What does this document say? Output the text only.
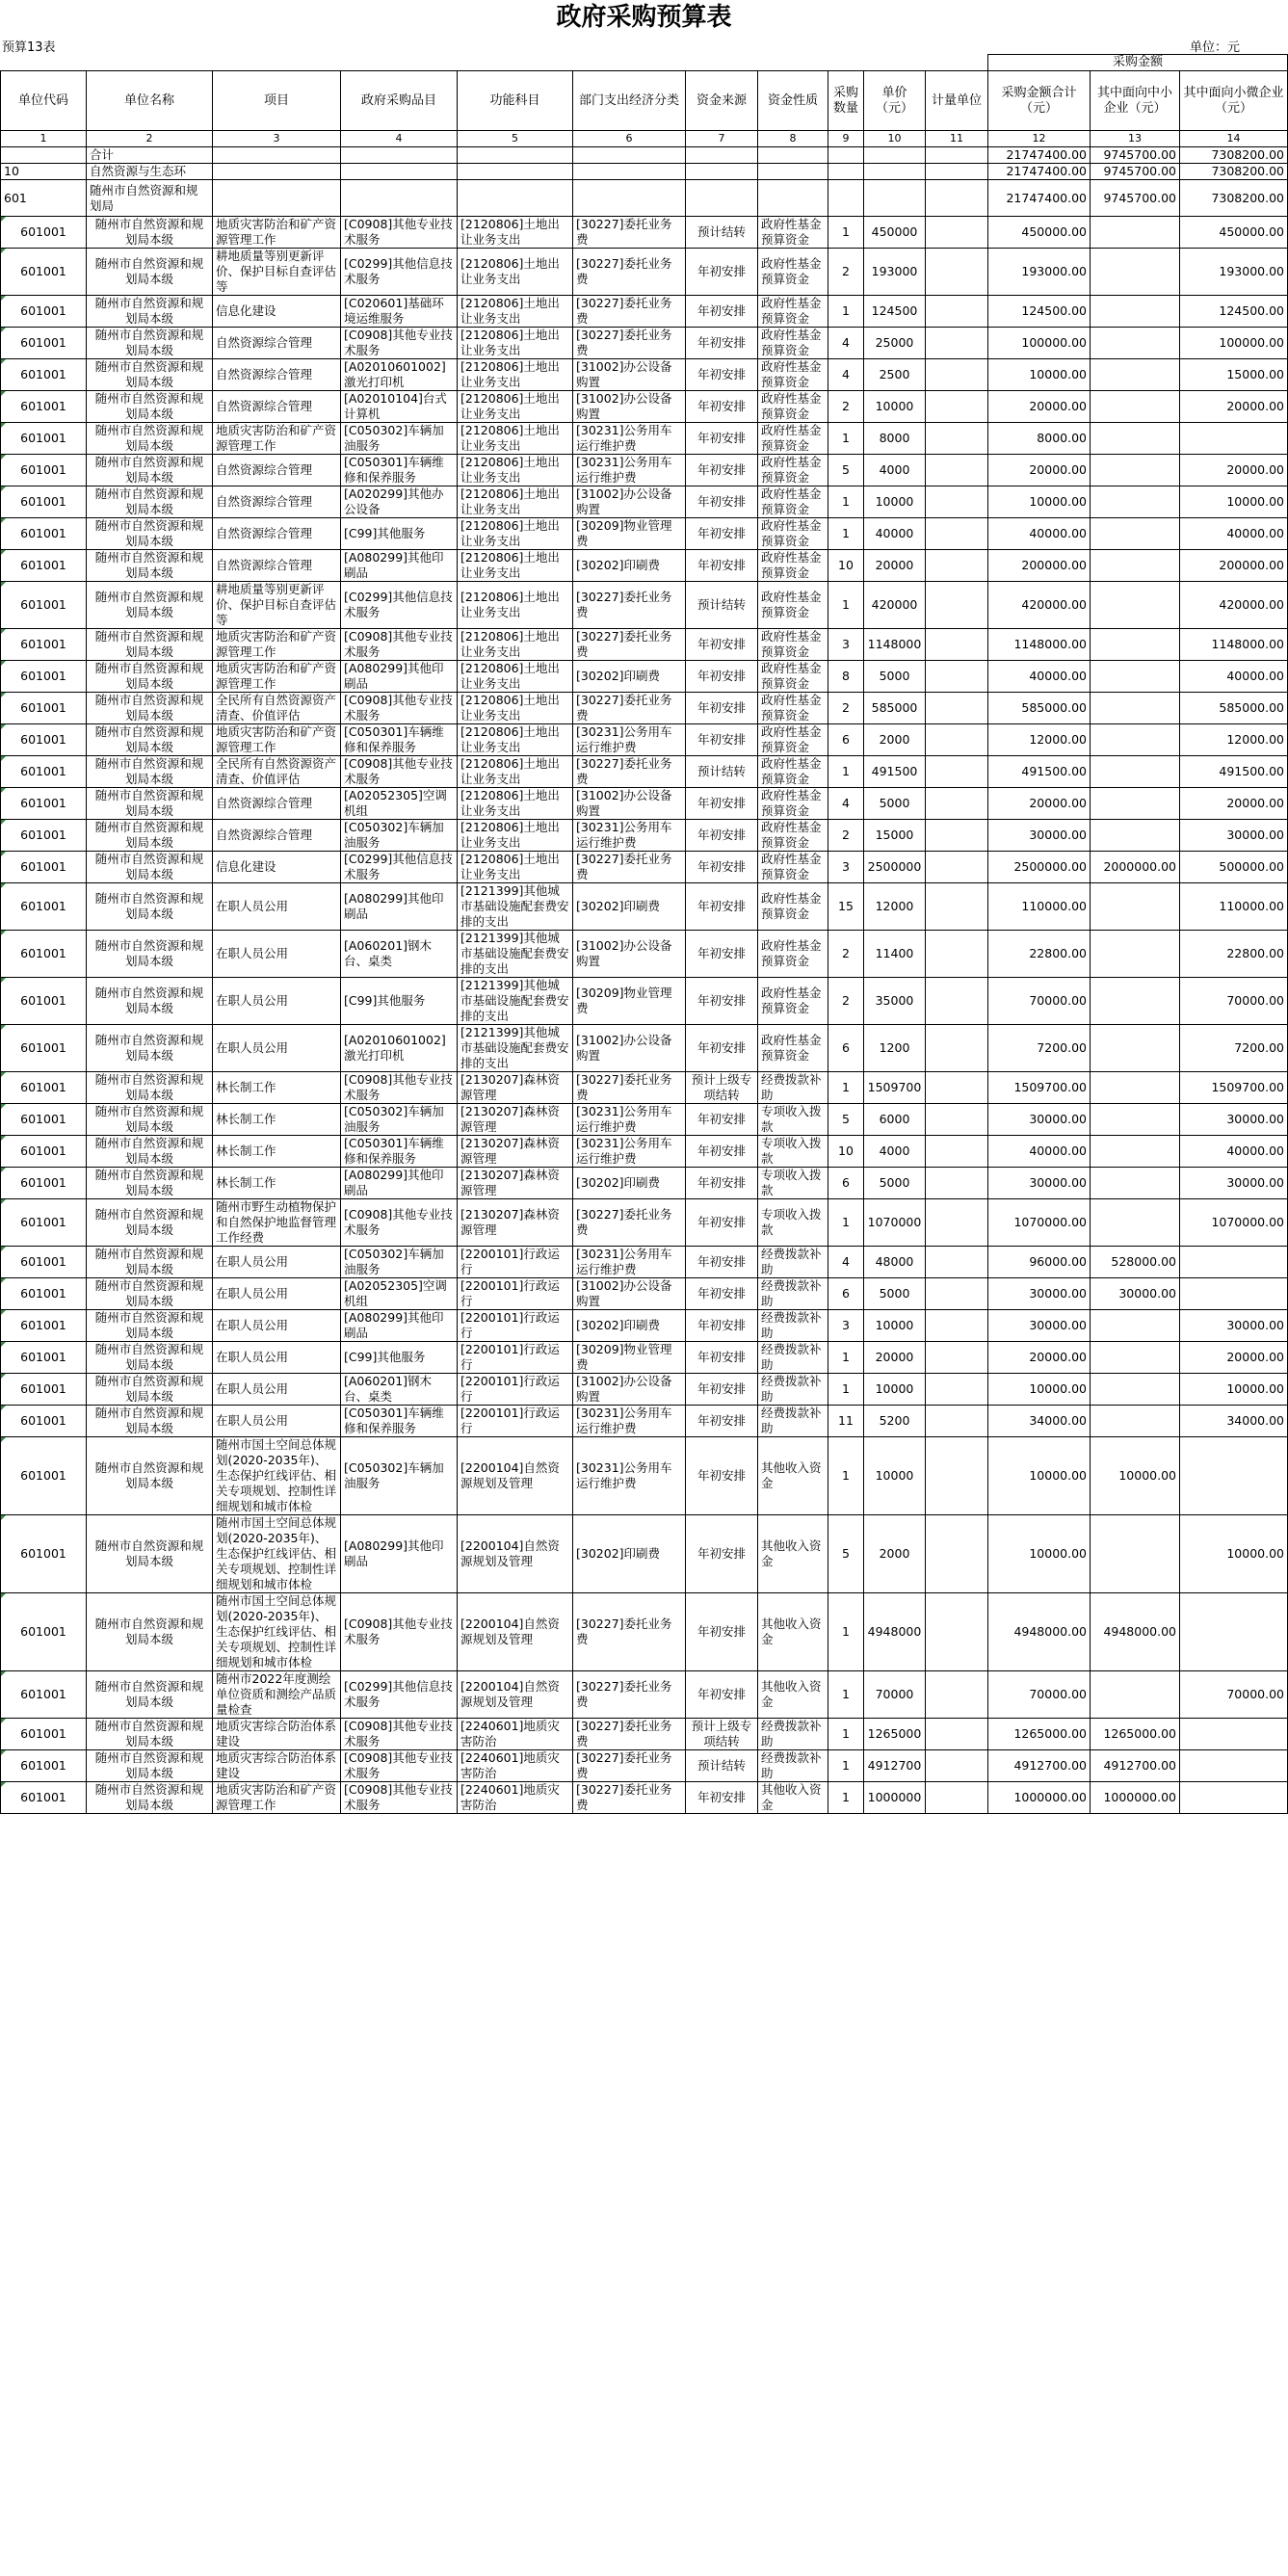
政府采购预算表
预算13表	单位：元
											采购金额		
单位代码	单位名称	项目	政府采购品目	功能科目	部门支出经济分类	资金来源	资金性质	采购数量	单价（元）	计量单位	采购金额合计（元）	其中面向中小企业（元）	其中面向小微企业（元）
1	2	3	4	5	6	7	8	9	10	11	12	13	14
	合计										21747400.00	9745700.00	7308200.00
10	自然资源与生态环										21747400.00	9745700.00	7308200.00
601	随州市自然资源和规划局										21747400.00	9745700.00	7308200.00

601001	随州市自然资源和规划局本级	地质灾害防治和矿产资源管理工作	[C0908]其他专业技术服务	[2120806]土地出让业务支出	[30227]委托业务费	预计结转	政府性基金预算资金	1	450000		450000.00		450000.00

601001	随州市自然资源和规划局本级	耕地质量等别更新评价、保护目标自查评估等	[C0299]其他信息技术服务	[2120806]土地出让业务支出	[30227]委托业务费	年初安排	政府性基金预算资金	2	193000		193000.00		193000.00

601001	随州市自然资源和规划局本级	信息化建设	[C020601]基础环境运维服务	[2120806]土地出让业务支出	[30227]委托业务费	年初安排	政府性基金预算资金	1	124500		124500.00		124500.00

601001	随州市自然资源和规划局本级	自然资源综合管理	[C0908]其他专业技术服务	[2120806]土地出让业务支出	[30227]委托业务费	年初安排	政府性基金预算资金	4	25000		100000.00		100000.00

601001	随州市自然资源和规划局本级	自然资源综合管理	[A02010601002]激光打印机	[2120806]土地出让业务支出	[31002]办公设备购置	年初安排	政府性基金预算资金	4	2500		10000.00		15000.00

601001	随州市自然资源和规划局本级	自然资源综合管理	[A02010104]台式计算机	[2120806]土地出让业务支出	[31002]办公设备购置	年初安排	政府性基金预算资金	2	10000		20000.00		20000.00

601001	随州市自然资源和规划局本级	地质灾害防治和矿产资源管理工作	[C050302]车辆加油服务	[2120806]土地出让业务支出	[30231]公务用车运行维护费	年初安排	政府性基金预算资金	1	8000		8000.00		

601001	随州市自然资源和规划局本级	自然资源综合管理	[C050301]车辆维修和保养服务	[2120806]土地出让业务支出	[30231]公务用车运行维护费	年初安排	政府性基金预算资金	5	4000		20000.00		20000.00

601001	随州市自然资源和规划局本级	自然资源综合管理	[A020299]其他办公设备	[2120806]土地出让业务支出	[31002]办公设备购置	年初安排	政府性基金预算资金	1	10000		10000.00		10000.00

601001	随州市自然资源和规划局本级	自然资源综合管理	[C99]其他服务	[2120806]土地出让业务支出	[30209]物业管理费	年初安排	政府性基金预算资金	1	40000		40000.00		40000.00

601001	随州市自然资源和规划局本级	自然资源综合管理	[A080299]其他印刷品	[2120806]土地出让业务支出	[30202]印刷费	年初安排	政府性基金预算资金	10	20000		200000.00		200000.00

601001	随州市自然资源和规划局本级	耕地质量等别更新评价、保护目标自查评估等	[C0299]其他信息技术服务	[2120806]土地出让业务支出	[30227]委托业务费	预计结转	政府性基金预算资金	1	420000		420000.00		420000.00

601001	随州市自然资源和规划局本级	地质灾害防治和矿产资源管理工作	[C0908]其他专业技术服务	[2120806]土地出让业务支出	[30227]委托业务费	年初安排	政府性基金预算资金	3	1148000		1148000.00		1148000.00

601001	随州市自然资源和规划局本级	地质灾害防治和矿产资源管理工作	[A080299]其他印刷品	[2120806]土地出让业务支出	[30202]印刷费	年初安排	政府性基金预算资金	8	5000		40000.00		40000.00

601001	随州市自然资源和规划局本级	全民所有自然资源资产清查、价值评估	[C0908]其他专业技术服务	[2120806]土地出让业务支出	[30227]委托业务费	年初安排	政府性基金预算资金	2	585000		585000.00		585000.00

601001	随州市自然资源和规划局本级	地质灾害防治和矿产资源管理工作	[C050301]车辆维修和保养服务	[2120806]土地出让业务支出	[30231]公务用车运行维护费	年初安排	政府性基金预算资金	6	2000		12000.00		12000.00

601001	随州市自然资源和规划局本级	全民所有自然资源资产清查、价值评估	[C0908]其他专业技术服务	[2120806]土地出让业务支出	[30227]委托业务费	预计结转	政府性基金预算资金	1	491500		491500.00		491500.00

601001	随州市自然资源和规划局本级	自然资源综合管理	[A02052305]空调机组	[2120806]土地出让业务支出	[31002]办公设备购置	年初安排	政府性基金预算资金	4	5000		20000.00		20000.00

601001	随州市自然资源和规划局本级	自然资源综合管理	[C050302]车辆加油服务	[2120806]土地出让业务支出	[30231]公务用车运行维护费	年初安排	政府性基金预算资金	2	15000		30000.00		30000.00

601001	随州市自然资源和规划局本级	信息化建设	[C0299]其他信息技术服务	[2120806]土地出让业务支出	[30227]委托业务费	年初安排	政府性基金预算资金	3	2500000		2500000.00	2000000.00	500000.00

601001	随州市自然资源和规划局本级	在职人员公用	[A080299]其他印刷品	[2121399]其他城市基础设施配套费安排的支出	[30202]印刷费	年初安排	政府性基金预算资金	15	12000		110000.00		110000.00

601001	随州市自然资源和规划局本级	在职人员公用	[A060201]钢木台、桌类	[2121399]其他城市基础设施配套费安排的支出	[31002]办公设备购置	年初安排	政府性基金预算资金	2	11400		22800.00		22800.00

601001	随州市自然资源和规划局本级	在职人员公用	[C99]其他服务	[2121399]其他城市基础设施配套费安排的支出	[30209]物业管理费	年初安排	政府性基金预算资金	2	35000		70000.00		70000.00

601001	随州市自然资源和规划局本级	在职人员公用	[A02010601002]激光打印机	[2121399]其他城市基础设施配套费安排的支出	[31002]办公设备购置	年初安排	政府性基金预算资金	6	1200		7200.00		7200.00

601001	随州市自然资源和规划局本级	林长制工作	[C0908]其他专业技术服务	[2130207]森林资源管理	[30227]委托业务费	预计上级专项结转	经费拨款补助	1	1509700		1509700.00		1509700.00

601001	随州市自然资源和规划局本级	林长制工作	[C050302]车辆加油服务	[2130207]森林资源管理	[30231]公务用车运行维护费	年初安排	专项收入拨款	5	6000		30000.00		30000.00

601001	随州市自然资源和规划局本级	林长制工作	[C050301]车辆维修和保养服务	[2130207]森林资源管理	[30231]公务用车运行维护费	年初安排	专项收入拨款	10	4000		40000.00		40000.00

601001	随州市自然资源和规划局本级	林长制工作	[A080299]其他印刷品	[2130207]森林资源管理	[30202]印刷费	年初安排	专项收入拨款	6	5000		30000.00		30000.00

601001	随州市自然资源和规划局本级	随州市野生动植物保护和自然保护地监督管理工作经费	[C0908]其他专业技术服务	[2130207]森林资源管理	[30227]委托业务费	年初安排	专项收入拨款	1	1070000		1070000.00		1070000.00

601001	随州市自然资源和规划局本级	在职人员公用	[C050302]车辆加油服务	[2200101]行政运行	[30231]公务用车运行维护费	年初安排	经费拨款补助	4	48000		96000.00	528000.00	

601001	随州市自然资源和规划局本级	在职人员公用	[A02052305]空调机组	[2200101]行政运行	[31002]办公设备购置	年初安排	经费拨款补助	6	5000		30000.00	30000.00	

601001	随州市自然资源和规划局本级	在职人员公用	[A080299]其他印刷品	[2200101]行政运行	[30202]印刷费	年初安排	经费拨款补助	3	10000		30000.00		30000.00

601001	随州市自然资源和规划局本级	在职人员公用	[C99]其他服务	[2200101]行政运行	[30209]物业管理费	年初安排	经费拨款补助	1	20000		20000.00		20000.00

601001	随州市自然资源和规划局本级	在职人员公用	[A060201]钢木台、桌类	[2200101]行政运行	[31002]办公设备购置	年初安排	经费拨款补助	1	10000		10000.00		10000.00

601001	随州市自然资源和规划局本级	在职人员公用	[C050301]车辆维修和保养服务	[2200101]行政运行	[30231]公务用车运行维护费	年初安排	经费拨款补助	11	5200		34000.00		34000.00

601001	随州市自然资源和规划局本级	随州市国土空间总体规划(2020-2035年)、生态保护红线评估、相关专项规划、控制性详细规划和城市体检	[C050302]车辆加油服务	[2200104]自然资源规划及管理	[30231]公务用车运行维护费	年初安排	其他收入资金	1	10000		10000.00	10000.00	

601001	随州市自然资源和规划局本级	随州市国土空间总体规划(2020-2035年)、生态保护红线评估、相关专项规划、控制性详细规划和城市体检	[A080299]其他印刷品	[2200104]自然资源规划及管理	[30202]印刷费	年初安排	其他收入资金	5	2000		10000.00		10000.00

601001	随州市自然资源和规划局本级	随州市国土空间总体规划(2020-2035年)、生态保护红线评估、相关专项规划、控制性详细规划和城市体检	[C0908]其他专业技术服务	[2200104]自然资源规划及管理	[30227]委托业务费	年初安排	其他收入资金	1	4948000		4948000.00	4948000.00	

601001	随州市自然资源和规划局本级	随州市2022年度测绘单位资质和测绘产品质量检查	[C0299]其他信息技术服务	[2200104]自然资源规划及管理	[30227]委托业务费	年初安排	其他收入资金	1	70000		70000.00		70000.00

601001	随州市自然资源和规划局本级	地质灾害综合防治体系建设	[C0908]其他专业技术服务	[2240601]地质灾害防治	[30227]委托业务费	预计上级专项结转	经费拨款补助	1	1265000		1265000.00	1265000.00	

601001	随州市自然资源和规划局本级	地质灾害综合防治体系建设	[C0908]其他专业技术服务	[2240601]地质灾害防治	[30227]委托业务费	预计结转	经费拨款补助	1	4912700		4912700.00	4912700.00	

601001	随州市自然资源和规划局本级	地质灾害防治和矿产资源管理工作	[C0908]其他专业技术服务	[2240601]地质灾害防治	[30227]委托业务费	年初安排	其他收入资金	1	1000000		1000000.00	1000000.00	
